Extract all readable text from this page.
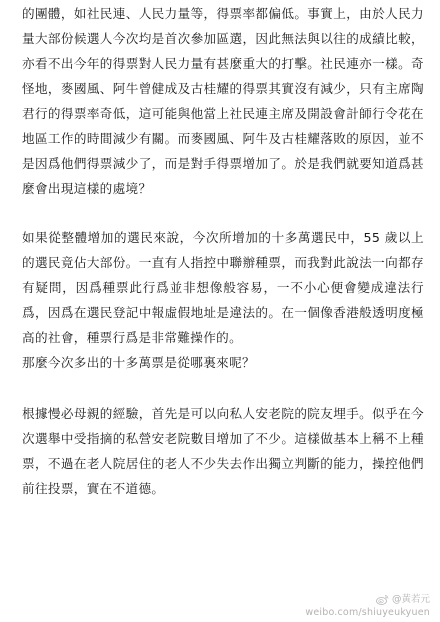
的團體，如社民連、人民力量等，得票率都偏低。事實上，由於人民力量大部份候選人今次均是首次參加區選，因此無法與以往的成績比較，亦看不出今年的得票對人民力量有甚麼重大的打擊。社民連亦一樣。奇怪地，麥國風、阿牛曾健成及古桂耀的得票其實沒有減少，只有主席陶君行的得票率奇低，這可能與他當上社民連主席及開設會計師行令花在地區工作的時間減少有關。而麥國風、阿牛及古桂耀落敗的原因，並不是因爲他們得票減少了，而是對手得票增加了。於是我們就要知道爲甚麼會出現這樣的處境？

如果從整體增加的選民來說，今次所增加的十多萬選民中，55 歲以上的選民竟佔大部份。一直有人指控中聯辦種票，而我對此說法一向都存有疑問，因爲種票此行爲並非想像般容易，一不小心便會變成違法行爲，因爲在選民登記中報虛假地址是違法的。在一個像香港般透明度極高的社會，種票行爲是非常難操作的。

那麼今次多出的十多萬票是從哪裏來呢？

根據慢必母親的經驗，首先是可以向私人安老院的院友埋手。似乎在今次選舉中受指摘的私營安老院數目增加了不少。這樣做基本上稱不上種票，不過在老人院居住的老人不少失去作出獨立判斷的能力，操控他們前往投票，實在不道德。

@黃若元
weibo.com/shiuyeukyuen
